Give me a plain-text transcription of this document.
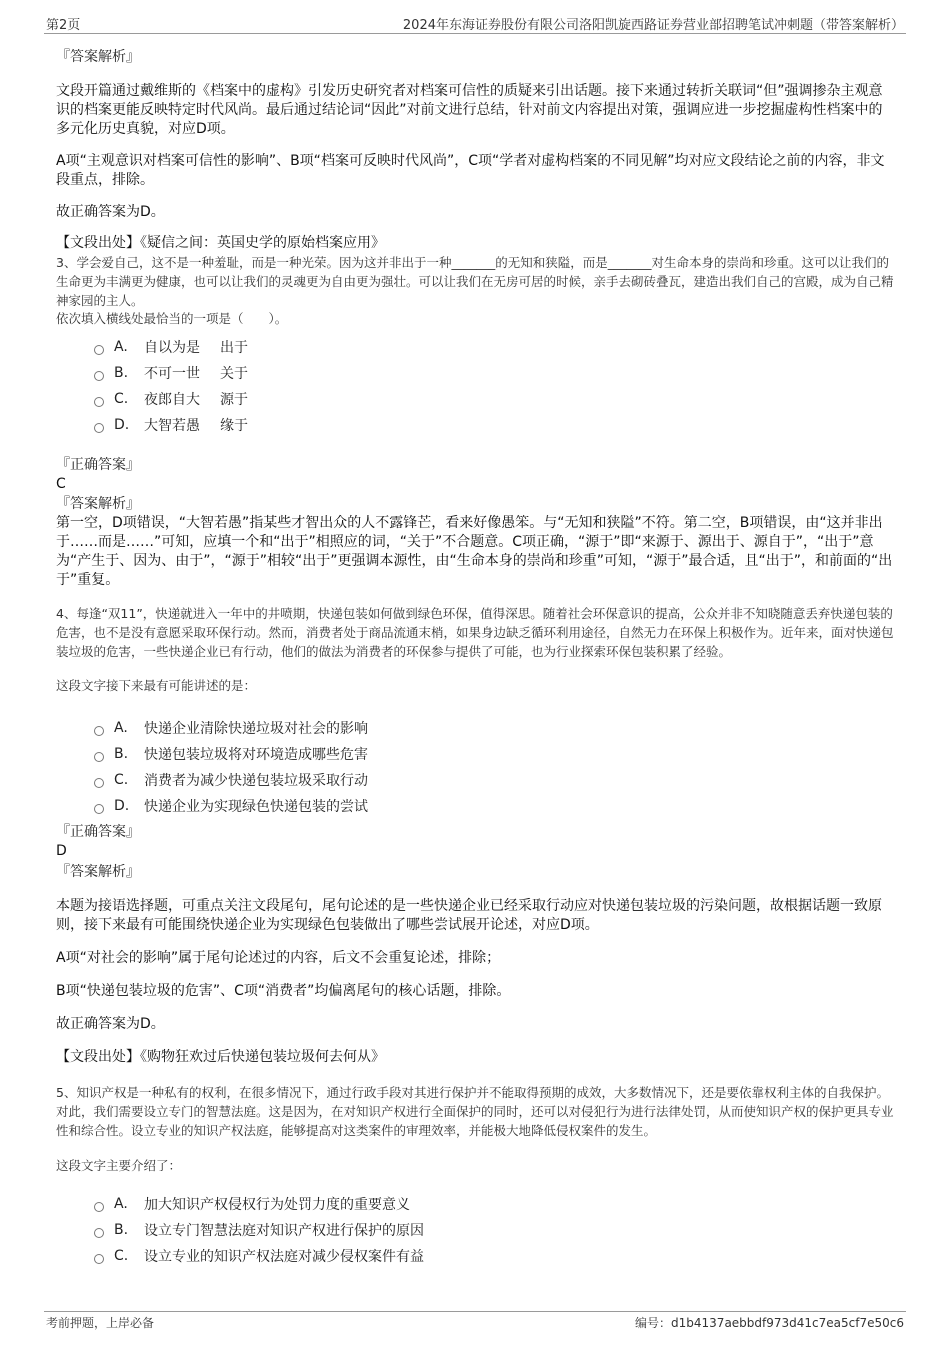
第2页	2024年东海证券股份有限公司洛阳凯旋西路证券营业部招聘笔试冲刺题（带答案解析）

『答案解析』

文段开篇通过戴维斯的《档案中的虚构》引发历史研究者对档案可信性的质疑来引出话题。接下来通过转折关联词“但”强调掺杂主观意识的档案更能反映特定时代风尚。最后通过结论词“因此”对前文进行总结，针对前文内容提出对策，强调应进一步挖掘虚构性档案中的多元化历史真貌，对应D项。

A项“主观意识对档案可信性的影响”、B项“档案可反映时代风尚”，C项“学者对虚构档案的不同见解”均对应文段结论之前的内容，非文段重点，排除。

故正确答案为D。

【文段出处】《疑信之间：英国史学的原始档案应用》

3、学会爱自己，这不是一种羞耻，而是一种光荣。因为这并非出于一种_______的无知和狭隘，而是_______对生命本身的崇尚和珍重。这可以让我们的生命更为丰满更为健康，也可以让我们的灵魂更为自由更为强壮。可以让我们在无房可居的时候，亲手去砌砖叠瓦，建造出我们自己的宫殿，成为自己精神家园的主人。

依次填入横线处最恰当的一项是（　　）。

A.	自以为是	出于
B.	不可一世	关于
C.	夜郎自大	源于
D.	大智若愚	缘于

『正确答案』

C

『答案解析』

第一空，D项错误，“大智若愚”指某些才智出众的人不露锋芒，看来好像愚笨。与“无知和狭隘”不符。第二空，B项错误，由“这并非出于……而是……”可知，应填一个和“出于”相照应的词，“关于”不合题意。C项正确，“源于”即“来源于、源出于、源自于”，“出于”意为“产生于、因为、由于”，“源于”相较“出于”更强调本源性，由“生命本身的崇尚和珍重”可知，“源于”最合适，且“出于”，和前面的“出于”重复。

4、每逢“双11”，快递就进入一年中的井喷期，快递包装如何做到绿色环保，值得深思。随着社会环保意识的提高，公众并非不知晓随意丢弃快递包装的危害，也不是没有意愿采取环保行动。然而，消费者处于商品流通末梢，如果身边缺乏循环利用途径，自然无力在环保上积极作为。近年来，面对快递包装垃圾的危害，一些快递企业已有行动，他们的做法为消费者的环保参与提供了可能，也为行业探索环保包装积累了经验。

这段文字接下来最有可能讲述的是：

A.	快递企业清除快递垃圾对社会的影响
B.	快递包装垃圾将对环境造成哪些危害
C.	消费者为减少快递包装垃圾采取行动
D.	快递企业为实现绿色快递包装的尝试

『正确答案』

D

『答案解析』

本题为接语选择题，可重点关注文段尾句，尾句论述的是一些快递企业已经采取行动应对快递包装垃圾的污染问题，故根据话题一致原则，接下来最有可能围绕快递企业为实现绿色包装做出了哪些尝试展开论述，对应D项。

A项“对社会的影响”属于尾句论述过的内容，后文不会重复论述，排除；

B项“快递包装垃圾的危害”、C项“消费者”均偏离尾句的核心话题，排除。

故正确答案为D。

【文段出处】《购物狂欢过后快递包装垃圾何去何从》

5、知识产权是一种私有的权利，在很多情况下，通过行政手段对其进行保护并不能取得预期的成效，大多数情况下，还是要依靠权利主体的自我保护。对此，我们需要设立专门的智慧法庭。这是因为，在对知识产权进行全面保护的同时，还可以对侵犯行为进行法律处罚，从而使知识产权的保护更具专业性和综合性。设立专业的知识产权法庭，能够提高对这类案件的审理效率，并能极大地降低侵权案件的发生。

这段文字主要介绍了：

A.	加大知识产权侵权行为处罚力度的重要意义
B.	设立专门智慧法庭对知识产权进行保护的原因
C.	设立专业的知识产权法庭对减少侵权案件有益
考前押题，上岸必备	编号：d1b4137aebbdf973d41c7ea5cf7e50c6
